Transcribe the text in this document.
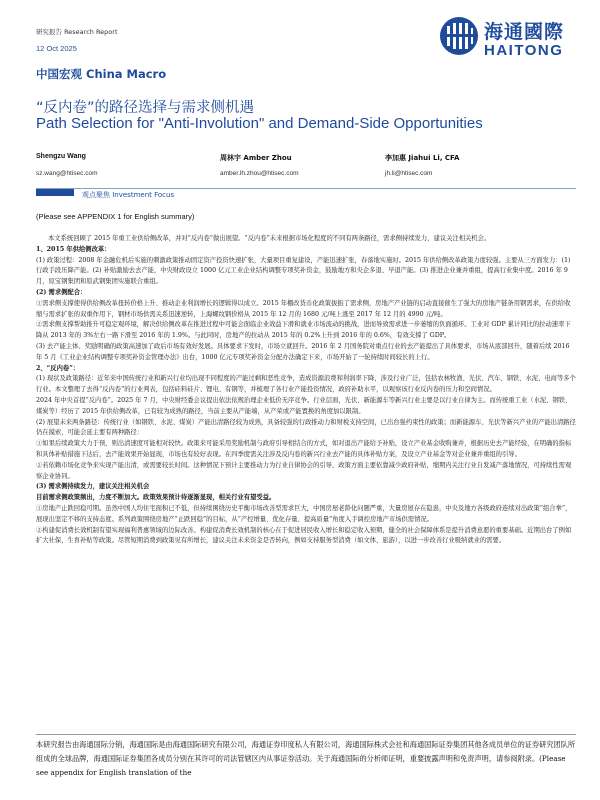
研究报告 Research Report
12 Oct 2025
海通國際
HAITONG
中国宏观 China Macro
“反内卷”的路径选择与需求侧机遇
Path Selection for "Anti-Involution" and Demand-Side Opportunities
Shengzu Wang	周林宇 Amber Zhou	李加惠 Jiahui Li, CFA
sz.wang@htisec.com	amber.lh.zhou@htisec.com	jh.li@htisec.com
观点聚焦 Investment Focus
(Please see APPENDIX 1 for English summary)

本文系统回顾了 2015 年重工业供给侧改革，并对“反内卷”做出展望。“反内卷”未来根据市场化程度的不同有两条路径，需求侧持续发力，建议关注相关机会。

1、2015 年供给侧改革：

(1) 政策过程：2008 年金融危机后实施的刺激政策推动固定资产投资快速扩张，大量项目重复建设，产能迅速扩张，春落地实施时。2015 年供给侧改革政策力度较强。主要从三方面发力：(1) 行政手段压降产能。(2) 补贴激励去去产能，中央财政设立 1000 亿元工业企业结构调整专项奖补资金，鼓励地方和央企多退、早退产能。(3) 推进企业兼并重组，提高行业集中度。2016 年 9 月，原宝钢集团和原武钢集团实施联合重组。

(2) 需求侧配合：

①需求侧支撑使得供给侧改革扭转价格上升、推动企业利润增长的逻辑得以成立。2015 年棚改货币化政策拔振了需求侧，房地产产业链的启动直接催生了强大的房地产链条用钢需求，在供给收缩与需求扩张的双重作用下，钢材市场供需关系迅速逆转，上海螺纹钢价格从 2015 年 12 月的 1680 元/吨上涨至 2017 年 12 月的 4990 元/吨。

②需求侧支撑帮助推升可稳定观环境，解决供给侧改革在推进过程中可能会面临企业效益下滑和就业市场流动的挑战，进而导致需求进一步萎缩的负面循环。工业对 GDP 累计同比的拉动速率下降从 2013 年的 3%左右一路下滑至 2016 年的 1.9%。与此同时，房地产的拉动从 2015 年的 0.2%上升到 2016 年的 0.6%，有效支撑了 GDP。

(3) 去产能主体、奖励明确的政策高速加了政后市场有效好发展。具体要求下发时，市场立就回升。2016 年 2 月国务院对重点行业的去产能提出了具体要求，市场从底部回升，随着后续 2016 年 5 月《工业企业结构调整专项奖补资金管理办法》出台，1000 亿元专项奖补资金分配办法确定下来，市场开始了一轮持续时间较长的上行。

2、“反内卷”：

(1) 现状及政策路径：近年来中国传统行业和新兴行业均出现不同程度的产能过剩和恶性竞争，造成资源浪费和利润率下降，涉及行业广泛，包括农林牧渔、光伏、汽车、钢铁、水泥、电商等多个行业。本文整理了去得“反内卷”的行业判表，包括硅料硅片、锂电、有钢等，并梳理了各行业产能投资情况，政府补助水平，以观察该行业反内卷的压力和空间情况。

2024 年中央首提“反内卷”。2025 年 7 月，中央财经委会议提出依法依规治理企业低价无序竞争。行业层面，光伏、新能源车等新兴行业主要是以行业自律为主。而传统重工业（水泥、钢铁、煤炭等）经历了 2015 年供给侧改革，已有较为成熟的路径，当前主要从产能端，从产荣或产能置换的角度加以限制。

(2) 展望未来两条路径：传统行业（如钢铁、水泥、煤炭）产能出清路径较为成熟，具备较强的行政推动力和财税支持空间，已出台强约束性的政策；而新能源车、光伏等新兴产业的产能出清路径仍在摸索，可能会延主要有两种路径：

①如果后续政策大力于预，则出清速度可能相对较快。政策来可能采用奖励机制与政府引导相结合的方式，如对退出产能给予补贴，设立产业基金收购兼并，根据历史去产能经验，在明确的指标和具体补贴措施下达后，去产能效果开始显现，市场也有较好表现。在四季度需关注涉及反内卷的新兴行业去产能的具体补贴方案，及设立产业基金等对企业兼并重组的引导。

②若依赖市场化竞争来实现产能出清，或需要较长时间。这种情况下预计主要推动力为行业自律协会的引导，政策方面主要依靠减少政府补贴，缩期内关注行业自发减产落地情况，可持续性需观察企业协同。

(3) 需求侧持续发力，建议关注相关机会

目前需求侧政策频出，力度不断加大。政策效果预计待逐渐显现，相关行业有望受益。

①房地产止跌回稳可期。虽然中国人均住宅面积已不低，但持续围绕历史平衡市场改善型需求巨大，中国房屋老龄化问题严重，大量房屋存在隐患，中央及地方各级政府连续对出政策“组合拳”，展现出坚定不移的支持态度。系列政策围绕房地产“止跌回稳”的目标，从“产控增量、优化存量、提高质量”角度入手调控房地产市场供需情况。

②构建促消费长效机制有望实现福利普惠领域的边际改善。构建促消费长效机制的核心在于促进居民收入增长和稳定收入预期，健全的社会保障体系是提升消费意愿的重要基础。近期出台了例如扩大社保，生育补贴等政策。尽管短期消费到政策见有所增长，建议关注未来资金是否转向，例如支持服务型消费（如文体、旅游），以进一步改善行业吸纳就业的需要。

本研究报告由海通国际分销，海通国际是由海通国际研究有限公司，海通证券印度私人有限公司，海通国际株式会社和海通国际证券集团其他各成员单位的证券研究团队所组成的全球品牌，海通国际证券集团各成员分别在其许可的司法管辖区内从事证券活动。关于海通国际的分析师证明，重要披露声明和免责声明，请参阅附录。(Please see appendix for English translation of the
